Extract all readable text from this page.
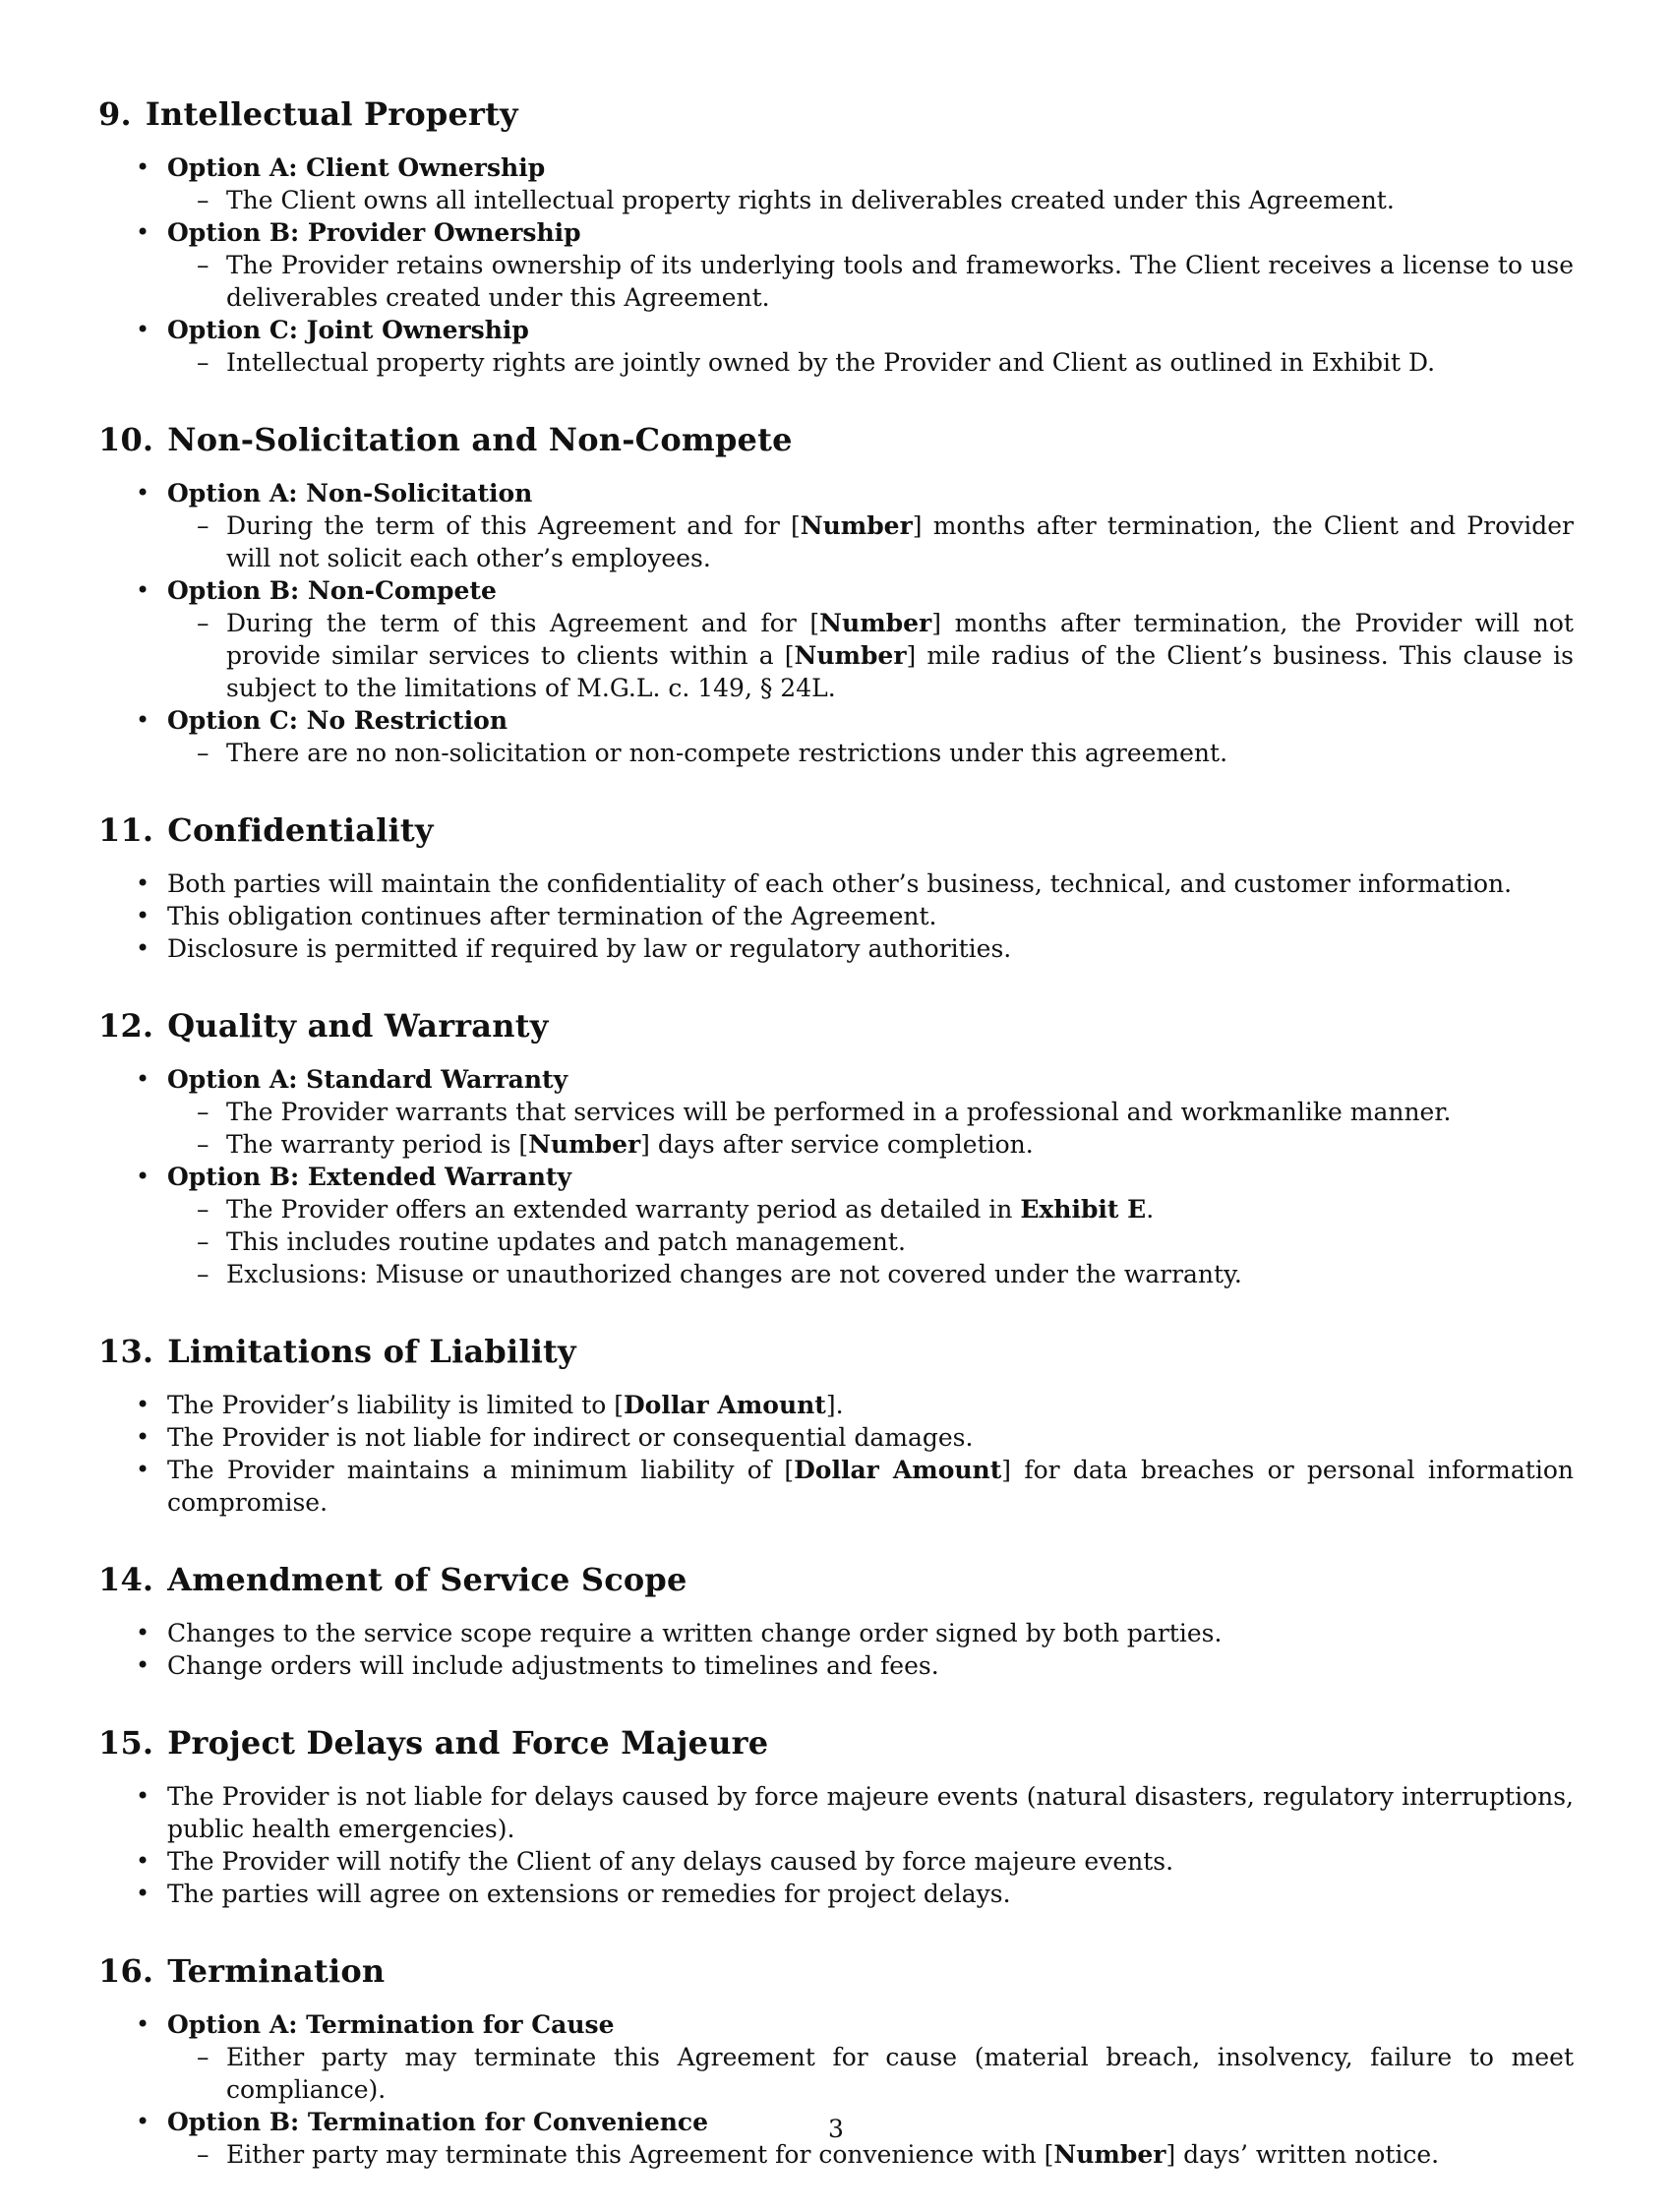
9. Intellectual Property
• Option A: Client Ownership
– The Client owns all intellectual property rights in deliverables created under this Agreement.
• Option B: Provider Ownership
– The Provider retains ownership of its underlying tools and frameworks. The Client receives a license to use deliverables created under this Agreement.
• Option C: Joint Ownership
– Intellectual property rights are jointly owned by the Provider and Client as outlined in Exhibit D.
10. Non-Solicitation and Non-Compete
• Option A: Non-Solicitation
– During the term of this Agreement and for [Number] months after termination, the Client and Provider will not solicit each other’s employees.
• Option B: Non-Compete
– During the term of this Agreement and for [Number] months after termination, the Provider will not provide similar services to clients within a [Number] mile radius of the Client’s business. This clause is subject to the limitations of M.G.L. c. 149, § 24L.
• Option C: No Restriction
– There are no non-solicitation or non-compete restrictions under this agreement.
11. Confidentiality
• Both parties will maintain the confidentiality of each other’s business, technical, and customer information.
• This obligation continues after termination of the Agreement.
• Disclosure is permitted if required by law or regulatory authorities.
12. Quality and Warranty
• Option A: Standard Warranty
– The Provider warrants that services will be performed in a professional and workmanlike manner.
– The warranty period is [Number] days after service completion.
• Option B: Extended Warranty
– The Provider offers an extended warranty period as detailed in Exhibit E.
– This includes routine updates and patch management.
– Exclusions: Misuse or unauthorized changes are not covered under the warranty.
13. Limitations of Liability
• The Provider’s liability is limited to [Dollar Amount].
• The Provider is not liable for indirect or consequential damages.
• The Provider maintains a minimum liability of [Dollar Amount] for data breaches or personal information compromise.
14. Amendment of Service Scope
• Changes to the service scope require a written change order signed by both parties.
• Change orders will include adjustments to timelines and fees.
15. Project Delays and Force Majeure
• The Provider is not liable for delays caused by force majeure events (natural disasters, regulatory interruptions, public health emergencies).
• The Provider will notify the Client of any delays caused by force majeure events.
• The parties will agree on extensions or remedies for project delays.
16. Termination
• Option A: Termination for Cause
– Either party may terminate this Agreement for cause (material breach, insolvency, failure to meet compliance).
• Option B: Termination for Convenience
– Either party may terminate this Agreement for convenience with [Number] days’ written notice.
3
